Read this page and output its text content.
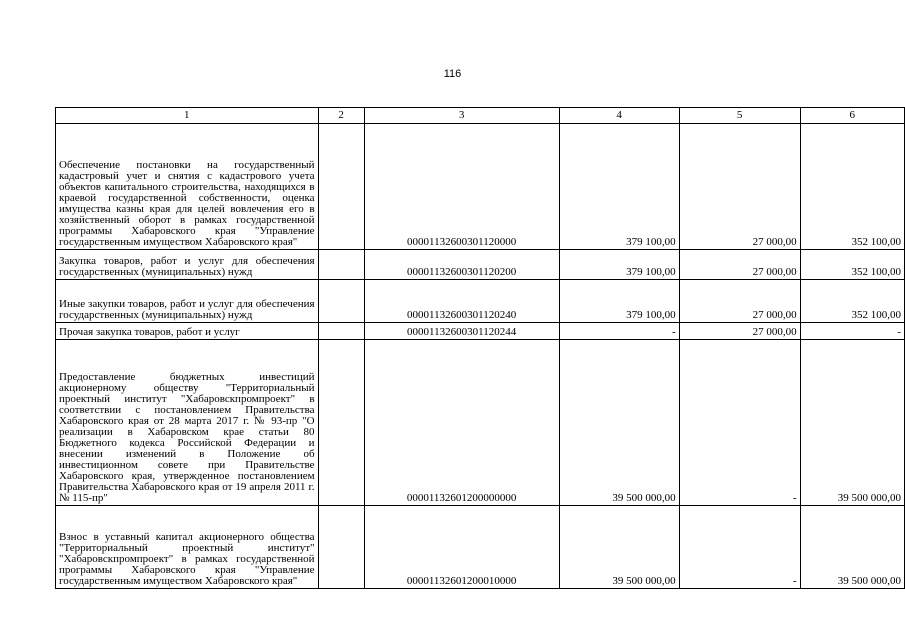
116
1	2	3	4	5	6
Обеспечение постановки на государственный кадастровый учет и снятия с кадастрового учета объектов капитального строительства, находящихся в краевой государственной собственности, оценка имущества казны края для целей вовлечения его в хозяйственный оборот в рамках государственной программы Хабаровского края "Управление государственным имуществом Хабаровского края"		00001132600301120000	379 100,00	27 000,00	352 100,00
Закупка товаров, работ и услуг для обеспечения государственных (муниципальных) нужд		00001132600301120200	379 100,00	27 000,00	352 100,00
Иные закупки товаров, работ и услуг для обеспечения государственных (муниципальных) нужд		00001132600301120240	379 100,00	27 000,00	352 100,00
Прочая закупка товаров, работ и услуг		00001132600301120244	-	27 000,00	-
Предоставление бюджетных инвестиций акционерному обществу "Территориальный проектный институт "Хабаровскпромпроект" в соответствии с постановлением Правительства Хабаровского края от 28 марта 2017 г. № 93-пр "О реализации в Хабаровском крае статьи 80 Бюджетного кодекса Российской Федерации и внесении изменений в Положение об инвестиционном совете при Правительстве Хабаровского края, утвержденное постановлением Правительства Хабаровского края от 19 апреля 2011 г. № 115-пр"		00001132601200000000	39 500 000,00	-	39 500 000,00
Взнос в уставный капитал акционерного общества "Территориальный проектный институт" "Хабаровскпромпроект" в рамках государственной программы Хабаровского края "Управление государственным имуществом Хабаровского края"		00001132601200010000	39 500 000,00	-	39 500 000,00
